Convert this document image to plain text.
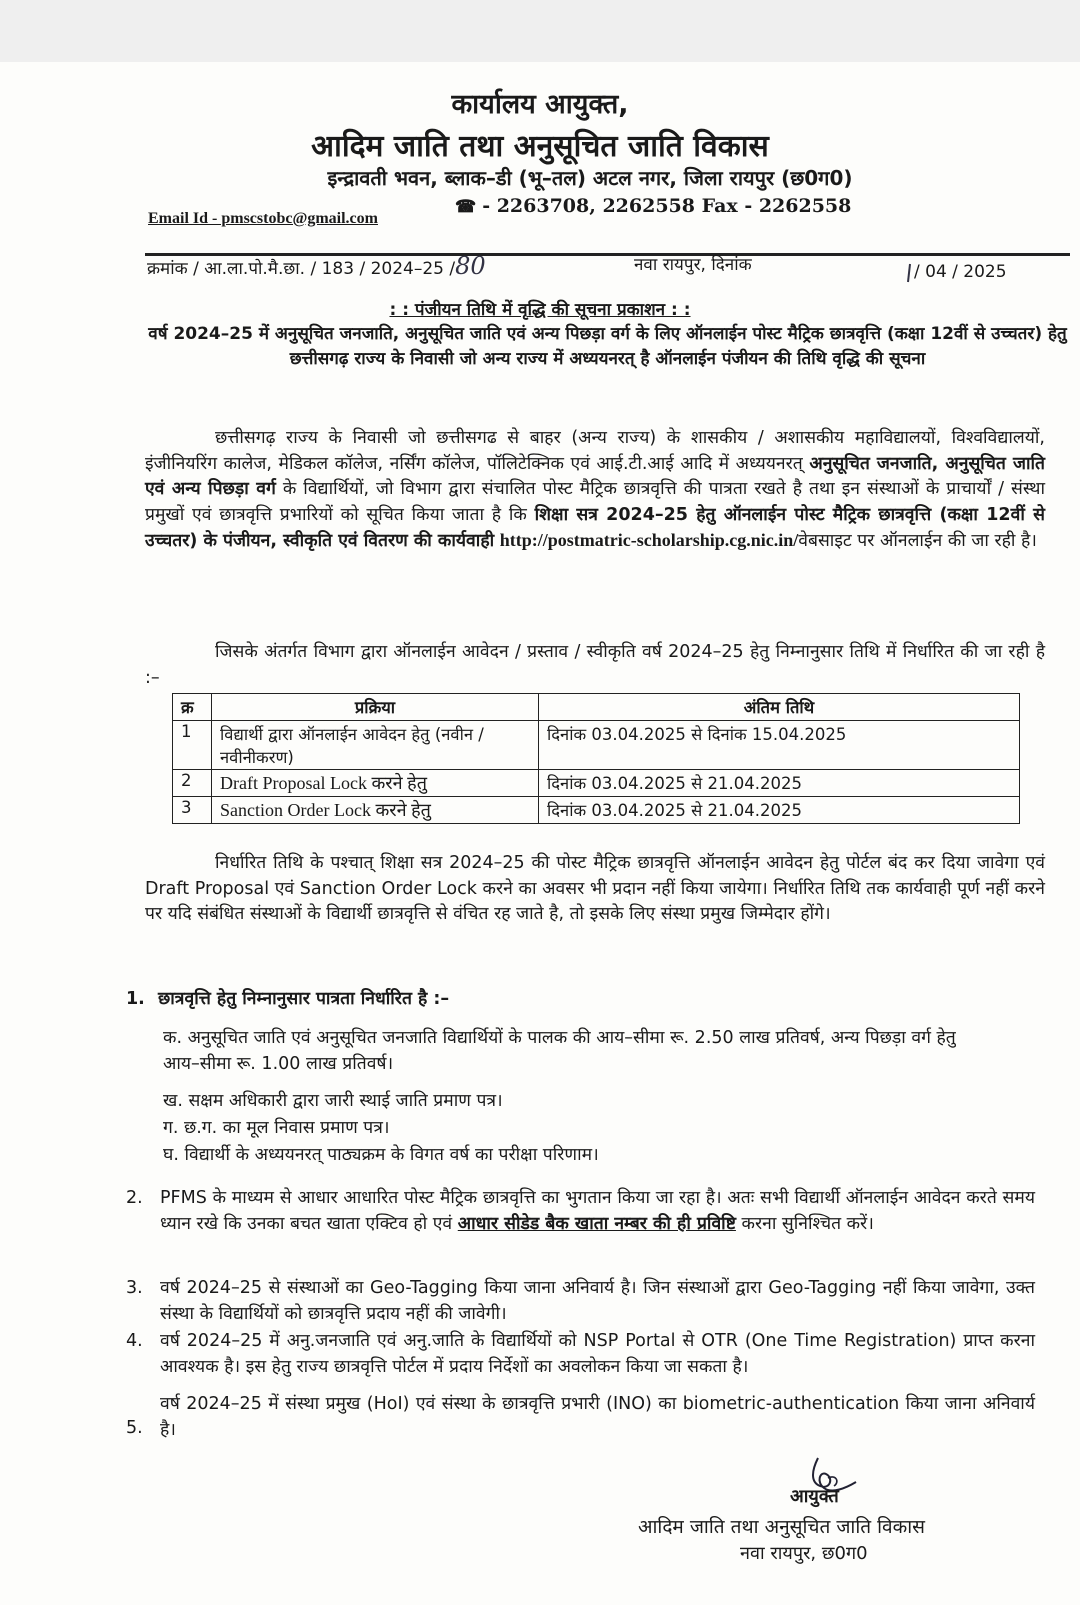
कार्यालय आयुक्त,
आदिम जाति तथा अनुसूचित जाति विकास
इन्द्रावती भवन, ब्लाक–डी (भू–तल) अटल नगर, जिला रायपुर (छ0ग0)
☎ - 2263708, 2262558 Fax - 2262558
Email Id - pmscstobc@gmail.com
क्रमांक / आ.ला.पो.मै.छा. / 183 / 2024–25 /80	नवा रायपुर, दिनांक	/ 04 / 2025
: : पंजीयन तिथि में वृद्धि की सूचना प्रकाशन : :
वर्ष 2024–25 में अनुसूचित जनजाति, अनुसूचित जाति एवं अन्य पिछड़ा वर्ग के लिए ऑनलाईन पोस्ट मैट्रिक छात्रवृत्ति (कक्षा 12वीं से उच्चतर) हेतु छत्तीसगढ़ राज्य के निवासी जो अन्य राज्य में अध्ययनरत् है ऑनलाईन पंजीयन की तिथि वृद्धि की सूचना
छत्तीसगढ़ राज्य के निवासी जो छत्तीसगढ से बाहर (अन्य राज्य) के शासकीय / अशासकीय महाविद्यालयों, विश्वविद्यालयों, इंजीनियरिंग कालेज, मेडिकल कॉलेज, नर्सिंग कॉलेज, पॉलिटेक्निक एवं आई.टी.आई आदि में अध्ययनरत् अनुसूचित जनजाति, अनुसूचित जाति एवं अन्य पिछड़ा वर्ग के विद्यार्थियों, जो विभाग द्वारा संचालित पोस्ट मैट्रिक छात्रवृत्ति की पात्रता रखते है तथा इन संस्थाओं के प्राचार्यों / संस्था प्रमुखों एवं छात्रवृत्ति प्रभारियों को सूचित किया जाता है कि शिक्षा सत्र 2024–25 हेतु ऑनलाईन पोस्ट मैट्रिक छात्रवृत्ति (कक्षा 12वीं से उच्चतर) के पंजीयन, स्वीकृति एवं वितरण की कार्यवाही http://postmatric-scholarship.cg.nic.in/वेबसाइट पर ऑनलाईन की जा रही है।
जिसके अंतर्गत विभाग द्वारा ऑनलाईन आवेदन / प्रस्ताव / स्वीकृति वर्ष 2024–25 हेतु निम्नानुसार तिथि में निर्धारित की जा रही है :–
क्र	प्रक्रिया	अंतिम तिथि
1	विद्यार्थी द्वारा ऑनलाईन आवेदन हेतु (नवीन / नवीनीकरण)	दिनांक 03.04.2025 से दिनांक 15.04.2025
2	Draft Proposal Lock करने हेतु	दिनांक 03.04.2025 से 21.04.2025
3	Sanction Order Lock करने हेतु	दिनांक 03.04.2025 से 21.04.2025
निर्धारित तिथि के पश्चात् शिक्षा सत्र 2024–25 की पोस्ट मैट्रिक छात्रवृत्ति ऑनलाईन आवेदन हेतु पोर्टल बंद कर दिया जावेगा एवं Draft Proposal एवं Sanction Order Lock करने का अवसर भी प्रदान नहीं किया जायेगा। निर्धारित तिथि तक कार्यवाही पूर्ण नहीं करने पर यदि संबंधित संस्थाओं के विद्यार्थी छात्रवृत्ति से वंचित रह जाते है, तो इसके लिए संस्था प्रमुख जिम्मेदार होंगे।
1. छात्रवृत्ति हेतु निम्नानुसार पात्रता निर्धारित है :–
क. अनुसूचित जाति एवं अनुसूचित जनजाति विद्यार्थियों के पालक की आय–सीमा रू. 2.50 लाख प्रतिवर्ष, अन्य पिछड़ा वर्ग हेतु आय–सीमा रू. 1.00 लाख प्रतिवर्ष।
ख. सक्षम अधिकारी द्वारा जारी स्थाई जाति प्रमाण पत्र।
ग. छ.ग. का मूल निवास प्रमाण पत्र।
घ. विद्यार्थी के अध्ययनरत् पाठ्यक्रम के विगत वर्ष का परीक्षा परिणाम।
2. PFMS के माध्यम से आधार आधारित पोस्ट मैट्रिक छात्रवृत्ति का भुगतान किया जा रहा है। अतः सभी विद्यार्थी ऑनलाईन आवेदन करते समय ध्यान रखे कि उनका बचत खाता एक्टिव हो एवं आधार सीडेड बैक खाता नम्बर की ही प्रविष्टि करना सुनिश्चित करें।
3. वर्ष 2024–25 से संस्थाओं का Geo-Tagging किया जाना अनिवार्य है। जिन संस्थाओं द्वारा Geo-Tagging नहीं किया जावेगा, उक्त संस्था के विद्यार्थियों को छात्रवृत्ति प्रदाय नहीं की जावेगी।
4. वर्ष 2024–25 में अनु.जनजाति एवं अनु.जाति के विद्यार्थियों को NSP Portal से OTR (One Time Registration) प्राप्त करना आवश्यक है। इस हेतु राज्य छात्रवृत्ति पोर्टल में प्रदाय निर्देशों का अवलोकन किया जा सकता है।
5.
वर्ष 2024–25 में संस्था प्रमुख (HoI) एवं संस्था के छात्रवृत्ति प्रभारी (INO) का biometric-authentication किया जाना अनिवार्य है।
आयुक्त
आदिम जाति तथा अनुसूचित जाति विकास
नवा रायपुर, छ0ग0
